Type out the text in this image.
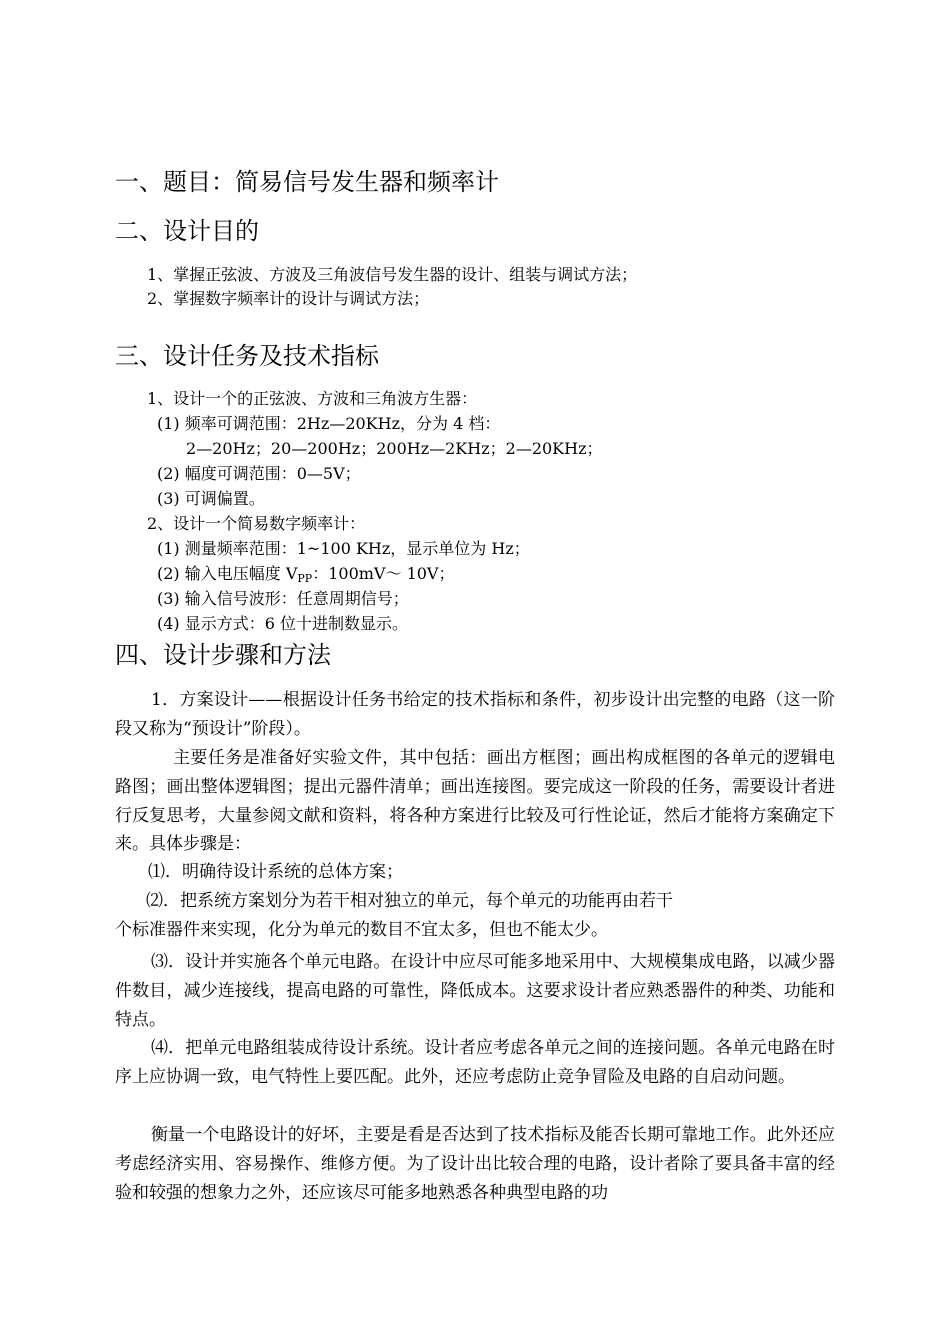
一、题目：简易信号发生器和频率计
二、设计目的
1、掌握正弦波、方波及三角波信号发生器的设计、组装与调试方法；
2、掌握数字频率计的设计与调试方法；
三、设计任务及技术指标
1、设计一个的正弦波、方波和三角波方生器：
(1) 频率可调范围：2Hz—20KHz，分为 4 档：
2—20Hz；20—200Hz；200Hz—2KHz；2—20KHz；
(2) 幅度可调范围：0—5V；
(3) 可调偏置。
2、设计一个简易数字频率计：
(1) 测量频率范围：1~100 KHz，显示单位为 Hz；
(2) 输入电压幅度 $V_{PP}$：100mV～ 10V；
(3) 输入信号波形：任意周期信号；
(4) 显示方式：6 位十进制数显示。
四、设计步骤和方法
1．方案设计——根据设计任务书给定的技术指标和条件，初步设计出完整的电路（这一阶段又称为“预设计”阶段）。
主要任务是准备好实验文件，其中包括：画出方框图；画出构成框图的各单元的逻辑电路图；画出整体逻辑图；提出元器件清单；画出连接图。要完成这一阶段的任务，需要设计者进行反复思考，大量参阅文献和资料，将各种方案进行比较及可行性论证，然后才能将方案确定下来。具体步骤是：
⑴．明确待设计系统的总体方案；
⑵．把系统方案划分为若干相对独立的单元，每个单元的功能再由若干
个标准器件来实现，化分为单元的数目不宜太多，但也不能太少。
⑶．设计并实施各个单元电路。在设计中应尽可能多地采用中、大规模集成电路，以减少器件数目，减少连接线，提高电路的可靠性，降低成本。这要求设计者应熟悉器件的种类、功能和特点。
⑷．把单元电路组装成待设计系统。设计者应考虑各单元之间的连接问题。各单元电路在时序上应协调一致，电气特性上要匹配。此外，还应考虑防止竞争冒险及电路的自启动问题。
衡量一个电路设计的好坏，主要是看是否达到了技术指标及能否长期可靠地工作。此外还应考虑经济实用、容易操作、维修方便。为了设计出比较合理的电路，设计者除了要具备丰富的经验和较强的想象力之外，还应该尽可能多地熟悉各种典型电路的功
